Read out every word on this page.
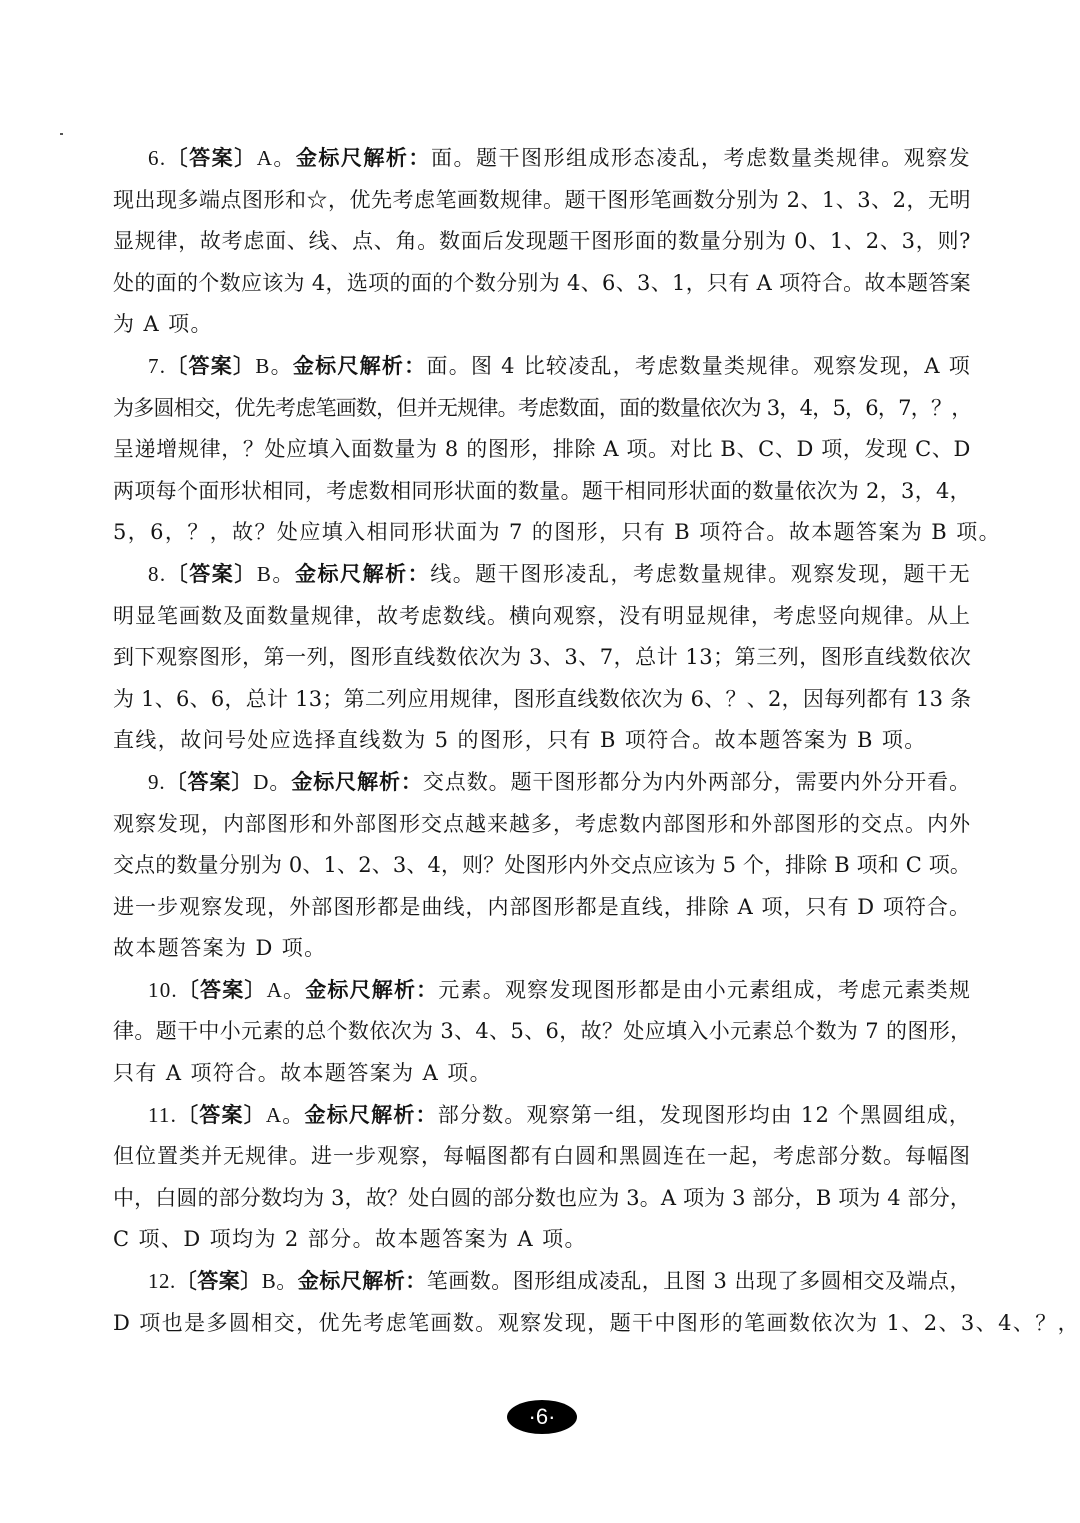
6.〔答案〕A。金标尺解析：面。题干图形组成形态凌乱，考虑数量类规律。观察发
现出现多端点图形和☆，优先考虑笔画数规律。题干图形笔画数分别为 2、1、3、2，无明
显规律，故考虑面、线、点、角。数面后发现题干图形面的数量分别为 0、1、2、3，则?
处的面的个数应该为 4，选项的面的个数分别为 4、6、3、1，只有 A 项符合。故本题答案
为 A 项。
7.〔答案〕B。金标尺解析：面。图 4 比较凌乱，考虑数量类规律。观察发现，A 项
为多圆相交，优先考虑笔画数，但并无规律。考虑数面，面的数量依次为 3，4，5，6，7，？，
呈递增规律，？处应填入面数量为 8 的图形，排除 A 项。对比 B、C、D 项，发现 C、D
两项每个面形状相同，考虑数相同形状面的数量。题干相同形状面的数量依次为 2，3，4，
5，6，？，故？处应填入相同形状面为 7 的图形，只有 B 项符合。故本题答案为 B 项。
8.〔答案〕B。金标尺解析：线。题干图形凌乱，考虑数量规律。观察发现，题干无
明显笔画数及面数量规律，故考虑数线。横向观察，没有明显规律，考虑竖向规律。从上
到下观察图形，第一列，图形直线数依次为 3、3、7，总计 13；第三列，图形直线数依次
为 1、6、6，总计 13；第二列应用规律，图形直线数依次为 6、？、2，因每列都有 13 条
直线，故问号处应选择直线数为 5 的图形，只有 B 项符合。故本题答案为 B 项。
9.〔答案〕D。金标尺解析：交点数。题干图形都分为内外两部分，需要内外分开看。
观察发现，内部图形和外部图形交点越来越多，考虑数内部图形和外部图形的交点。内外
交点的数量分别为 0、1、2、3、4，则？处图形内外交点应该为 5 个，排除 B 项和 C 项。
进一步观察发现，外部图形都是曲线，内部图形都是直线，排除 A 项，只有 D 项符合。
故本题答案为 D 项。
10.〔答案〕A。金标尺解析：元素。观察发现图形都是由小元素组成，考虑元素类规
律。题干中小元素的总个数依次为 3、4、5、6，故？处应填入小元素总个数为 7 的图形，
只有 A 项符合。故本题答案为 A 项。
11.〔答案〕A。金标尺解析：部分数。观察第一组，发现图形均由 12 个黑圆组成，
但位置类并无规律。进一步观察，每幅图都有白圆和黑圆连在一起，考虑部分数。每幅图
中，白圆的部分数均为 3，故？处白圆的部分数也应为 3。A 项为 3 部分，B 项为 4 部分，
C 项、D 项均为 2 部分。故本题答案为 A 项。
12.〔答案〕B。金标尺解析：笔画数。图形组成凌乱，且图 3 出现了多圆相交及端点，
D 项也是多圆相交，优先考虑笔画数。观察发现，题干中图形的笔画数依次为 1、2、3、4、？，
·6·
